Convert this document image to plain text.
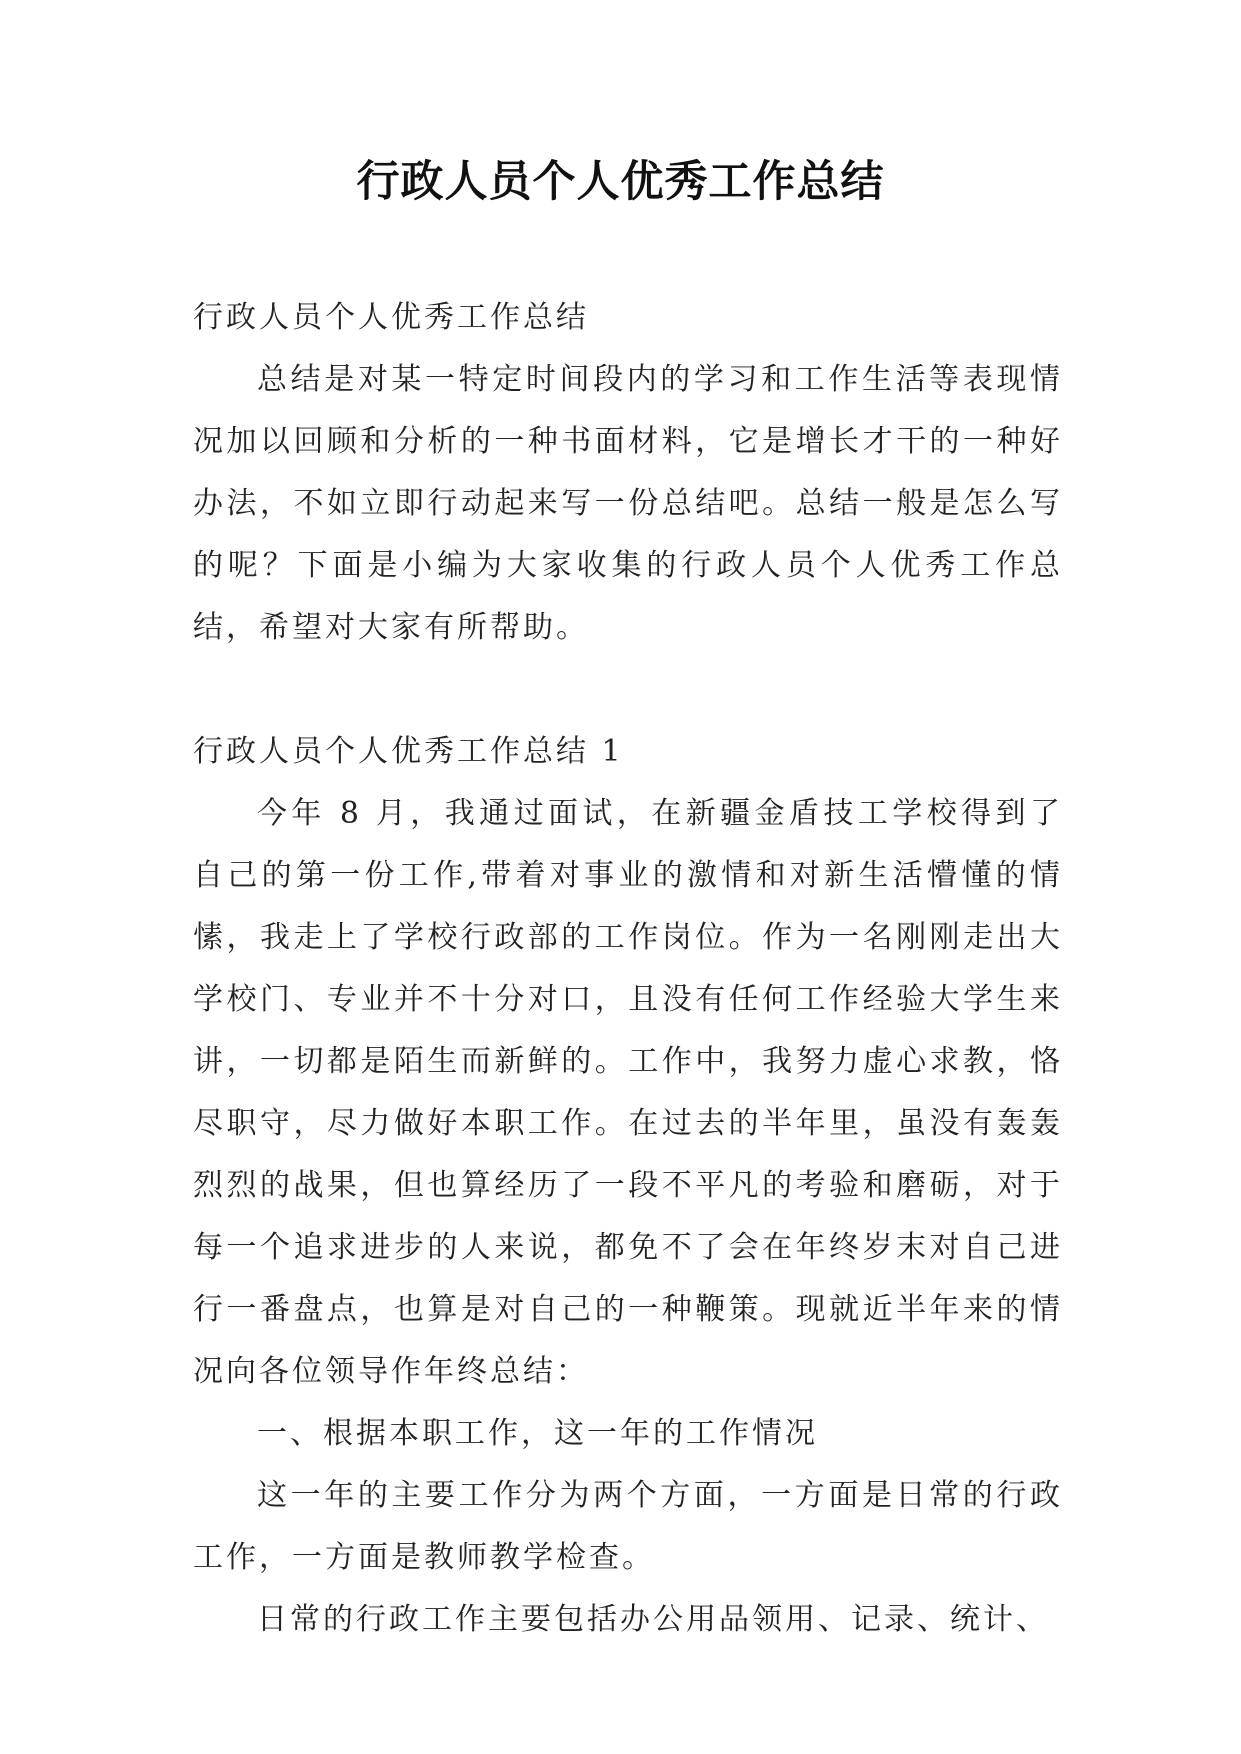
行政人员个人优秀工作总结

行政人员个人优秀工作总结

总结是对某一特定时间段内的学习和工作生活等表现情况加以回顾和分析的一种书面材料，它是增长才干的一种好办法，不如立即行动起来写一份总结吧。总结一般是怎么写的呢？下面是小编为大家收集的行政人员个人优秀工作总结，希望对大家有所帮助。

行政人员个人优秀工作总结 1

今年 8 月，我通过面试，在新疆金盾技工学校得到了自己的第一份工作,带着对事业的激情和对新生活懵懂的情愫，我走上了学校行政部的工作岗位。作为一名刚刚走出大学校门、专业并不十分对口，且没有任何工作经验大学生来讲，一切都是陌生而新鲜的。工作中，我努力虚心求教，恪尽职守，尽力做好本职工作。在过去的半年里，虽没有轰轰烈烈的战果，但也算经历了一段不平凡的考验和磨砺，对于每一个追求进步的人来说，都免不了会在年终岁末对自己进行一番盘点，也算是对自己的一种鞭策。现就近半年来的情况向各位领导作年终总结：

一、根据本职工作，这一年的工作情况

这一年的主要工作分为两个方面，一方面是日常的行政工作，一方面是教师教学检查。

日常的行政工作主要包括办公用品领用、记录、统计、
